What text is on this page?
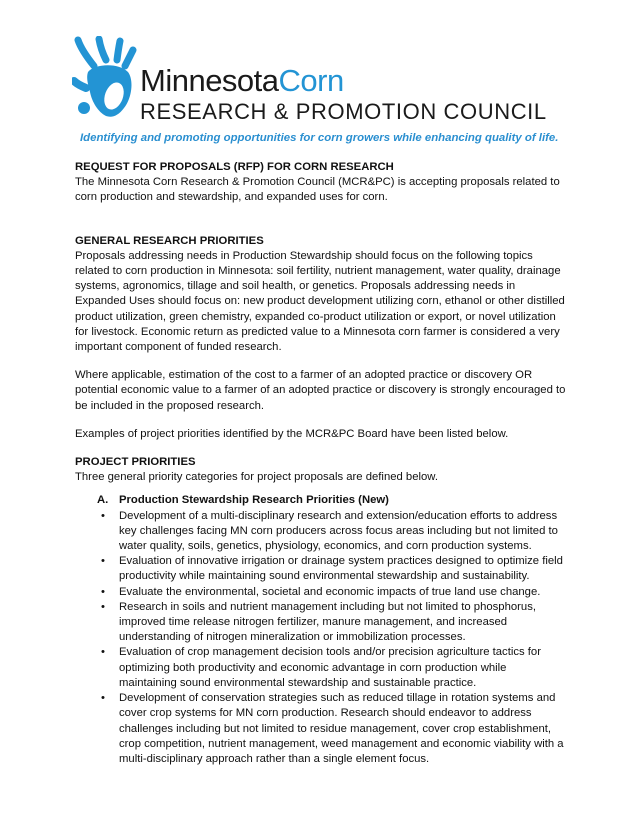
MinnesotaCorn
RESEARCH & PROMOTION COUNCIL
Identifying and promoting opportunities for corn growers while enhancing quality of life.

REQUEST FOR PROPOSALS (RFP) FOR CORN RESEARCH

The Minnesota Corn Research & Promotion Council (MCR&PC) is accepting proposals related to corn production and stewardship, and expanded uses for corn.

GENERAL RESEARCH PRIORITIES

Proposals addressing needs in Production Stewardship should focus on the following topics related to corn production in Minnesota: soil fertility, nutrient management, water quality, drainage systems, agronomics, tillage and soil health, or genetics. Proposals addressing needs in Expanded Uses should focus on: new product development utilizing corn, ethanol or other distilled product utilization, green chemistry, expanded co-product utilization or export, or novel utilization for livestock. Economic return as predicted value to a Minnesota corn farmer is considered a very important component of funded research.

Where applicable, estimation of the cost to a farmer of an adopted practice or discovery OR potential economic value to a farmer of an adopted practice or discovery is strongly encouraged to be included in the proposed research.

Examples of project priorities identified by the MCR&PC Board have been listed below.

PROJECT PRIORITIES

Three general priority categories for project proposals are defined below.

A. Production Stewardship Research Priorities (New)
•	Development of a multi-disciplinary research and extension/education efforts to address key challenges facing MN corn producers across focus areas including but not limited to water quality, soils, genetics, physiology, economics, and corn production systems.
•	Evaluation of innovative irrigation or drainage system practices designed to optimize field productivity while maintaining sound environmental stewardship and sustainability.
•	Evaluate the environmental, societal and economic impacts of true land use change.
•	Research in soils and nutrient management including but not limited to phosphorus, improved time release nitrogen fertilizer, manure management, and increased understanding of nitrogen mineralization or immobilization processes.
•	Evaluation of crop management decision tools and/or precision agriculture tactics for optimizing both productivity and economic advantage in corn production while maintaining sound environmental stewardship and sustainable practice.
•	Development of conservation strategies such as reduced tillage in rotation systems and cover crop systems for MN corn production. Research should endeavor to address challenges including but not limited to residue management, cover crop establishment, crop competition, nutrient management, weed management and economic viability with a multi-disciplinary approach rather than a single element focus.
